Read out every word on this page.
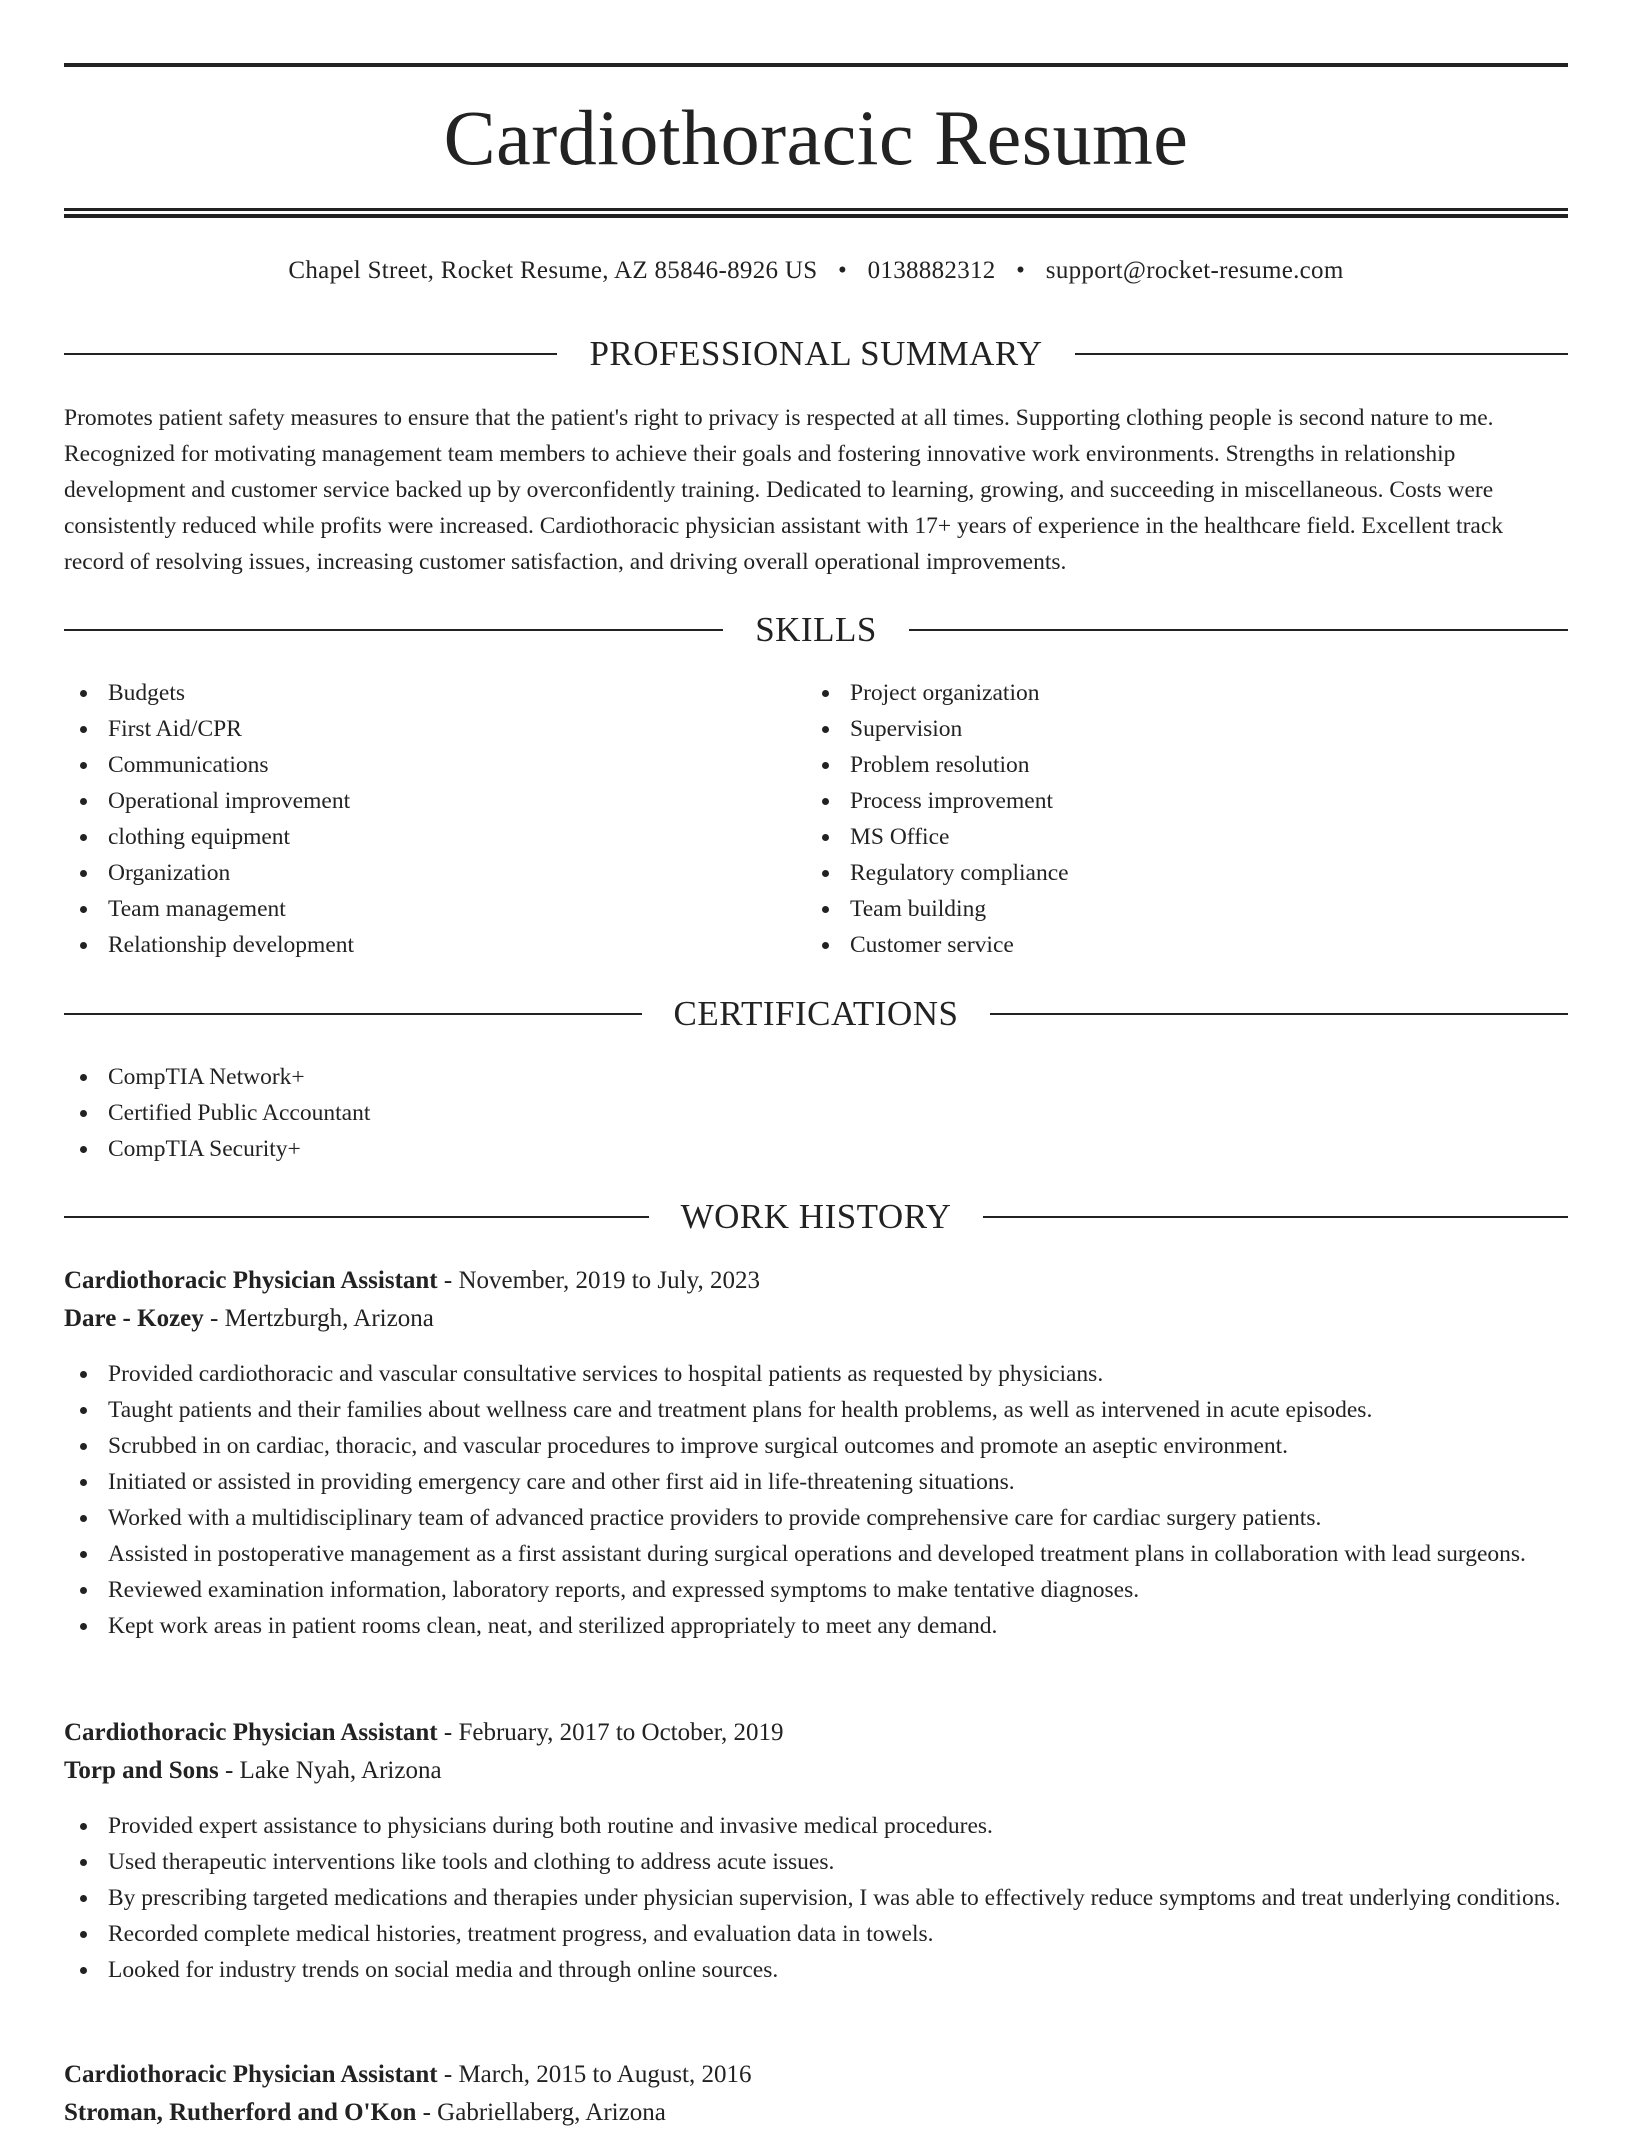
Cardiothoracic Resume
Chapel Street, Rocket Resume, AZ 85846-8926 US • 0138882312 • support@rocket-resume.com
PROFESSIONAL SUMMARY

Promotes patient safety measures to ensure that the patient's right to privacy is respected at all times. Supporting clothing people is second nature to me. Recognized for motivating management team members to achieve their goals and fostering innovative work environments. Strengths in relationship development and customer service backed up by overconfidently training. Dedicated to learning, growing, and succeeding in miscellaneous. Costs were consistently reduced while profits were increased. Cardiothoracic physician assistant with 17+ years of experience in the healthcare field. Excellent track record of resolving issues, increasing customer satisfaction, and driving overall operational improvements.

SKILLS
Budgets
First Aid/CPR
Communications
Operational improvement
clothing equipment
Organization
Team management
Relationship development
Project organization
Supervision
Problem resolution
Process improvement
MS Office
Regulatory compliance
Team building
Customer service
CERTIFICATIONS
CompTIA Network+
Certified Public Accountant
CompTIA Security+
WORK HISTORY
Cardiothoracic Physician Assistant - November, 2019 to July, 2023
Dare - Kozey - Mertzburgh, Arizona
Provided cardiothoracic and vascular consultative services to hospital patients as requested by physicians.
Taught patients and their families about wellness care and treatment plans for health problems, as well as intervened in acute episodes.
Scrubbed in on cardiac, thoracic, and vascular procedures to improve surgical outcomes and promote an aseptic environment.
Initiated or assisted in providing emergency care and other first aid in life-threatening situations.
Worked with a multidisciplinary team of advanced practice providers to provide comprehensive care for cardiac surgery patients.
Assisted in postoperative management as a first assistant during surgical operations and developed treatment plans in collaboration with lead surgeons.
Reviewed examination information, laboratory reports, and expressed symptoms to make tentative diagnoses.
Kept work areas in patient rooms clean, neat, and sterilized appropriately to meet any demand.
Cardiothoracic Physician Assistant - February, 2017 to October, 2019
Torp and Sons - Lake Nyah, Arizona
Provided expert assistance to physicians during both routine and invasive medical procedures.
Used therapeutic interventions like tools and clothing to address acute issues.
By prescribing targeted medications and therapies under physician supervision, I was able to effectively reduce symptoms and treat underlying conditions.
Recorded complete medical histories, treatment progress, and evaluation data in towels.
Looked for industry trends on social media and through online sources.
Cardiothoracic Physician Assistant - March, 2015 to August, 2016
Stroman, Rutherford and O'Kon - Gabriellaberg, Arizona
